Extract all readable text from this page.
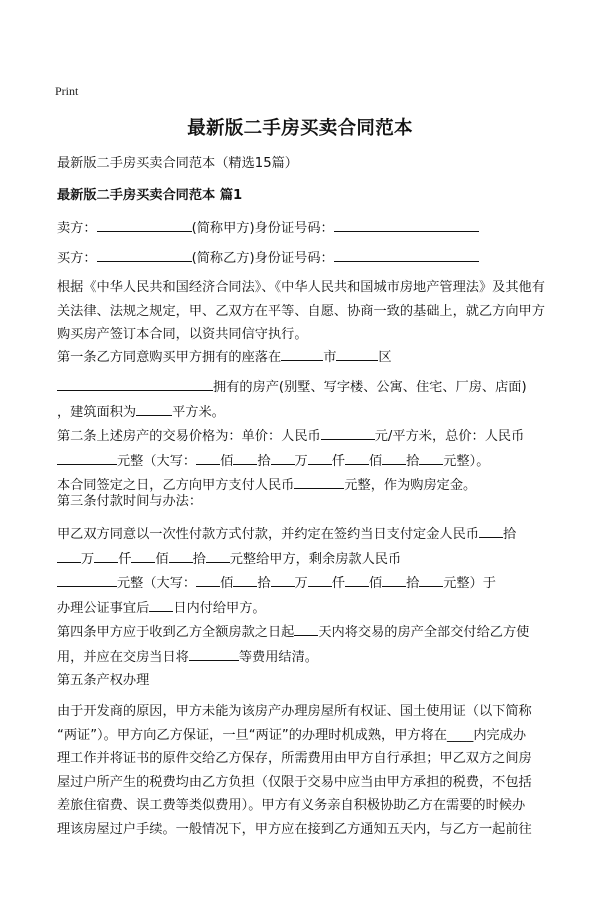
Print
最新版二手房买卖合同范本
最新版二手房买卖合同范本（精选15篇）
最新版二手房买卖合同范本 篇1
卖方：	(简称甲方)身份证号码：
买方：	(简称乙方)身份证号码：
根据《中华人民共和国经济合同法》、《中华人民共和国城市房地产管理法》及其他有关法律、法规之规定，甲、乙双方在平等、自愿、协商一致的基础上，就乙方向甲方购买房产签订本合同，以资共同信守执行。
第一条乙方同意购买甲方拥有的座落在	市	区
拥有的房产(别墅、写字楼、公寓、住宅、厂房、店面)
，建筑面积为	平方米。
第二条上述房产的交易价格为：单价：人民币	元/平方米，总价：人民币
元整（大写： 佰 拾 万 仟 佰 拾 元整）。
本合同签定之日，乙方向甲方支付人民币	元整，作为购房定金。
第三条付款时间与办法：
甲乙双方同意以一次性付款方式付款，并约定在签约当日支付定金人民币 拾
万 仟 佰 拾 元整给甲方，剩余房款人民币
元整（大写： 佰 拾 万 仟 佰 拾 元整）于
办理公证事宜后 日内付给甲方。
第四条甲方应于收到乙方全额房款之日起 天内将交易的房产全部交付给乙方使
用，并应在交房当日将	等费用结清。
第五条产权办理
由于开发商的原因，甲方未能为该房产办理房屋所有权证、国土使用证（以下简称
“两证”）。甲方向乙方保证，一旦“两证”的办理时机成熟，甲方将在____内完成办
理工作并将证书的原件交给乙方保存，所需费用由甲方自行承担；甲乙双方之间房
屋过户所产生的税费均由乙方负担（仅限于交易中应当由甲方承担的税费，不包括
差旅住宿费、误工费等类似费用）。甲方有义务亲自积极协助乙方在需要的时候办
理该房屋过户手续。一般情况下，甲方应在接到乙方通知五天内，与乙方一起前往
